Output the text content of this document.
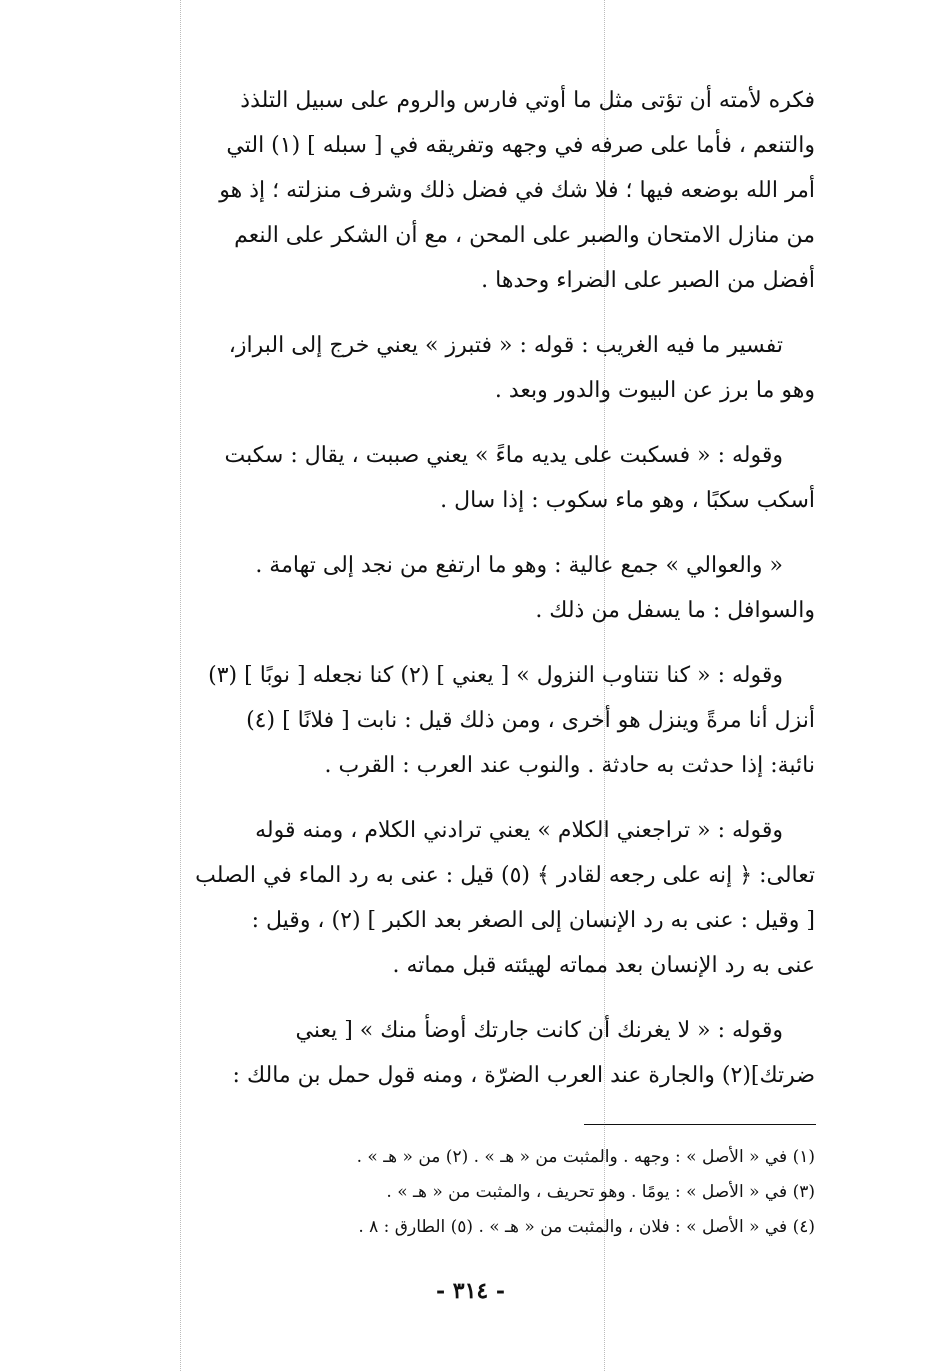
فكره لأمته أن تؤتى مثل ما أوتي فارس والروم على سبيل التلذذ
والتنعم ، فأما على صرفه في وجهه وتفريقه في [ سبله ] (١) التي
أمر الله بوضعه فيها ؛ فلا شك في فضل ذلك وشرف منزلته ؛ إذ هو
من منازل الامتحان والصبر على المحن ، مع أن الشكر على النعم
أفضل من الصبر على الضراء وحدها .

تفسير ما فيه الغريب : قوله : « فتبرز » يعني خرج إلى البراز،
وهو ما برز عن البيوت والدور وبعد .

وقوله : « فسكبت على يديه ماءً » يعني صببت ، يقال : سكبت
أسكب سكبًا ، وهو ماء سكوب : إذا سال .

« والعوالي » جمع عالية : وهو ما ارتفع من نجد إلى تهامة .
والسوافل : ما يسفل من ذلك .

وقوله : « كنا نتناوب النزول » [ يعني ] (٢) كنا نجعله [ نوبًا ] (٣)
أنزل أنا مرةً وينزل هو أخرى ، ومن ذلك قيل : نابت [ فلانًا ] (٤)
نائبة: إذا حدثت به حادثة . والنوب عند العرب : القرب .

وقوله : « تراجعني الكلام » يعني ترادني الكلام ، ومنه قوله
تعالى: ﴿ إنه على رجعه لقادر ﴾ (٥) قيل : عنى به رد الماء في الصلب
[ وقيل : عنى به رد الإنسان إلى الصغر بعد الكبر ] (٢) ، وقيل :
عنى به رد الإنسان بعد مماته لهيئته قبل مماته .

وقوله : « لا يغرنك أن كانت جارتك أوضأ منك » [ يعني
ضرتك](٢) والجارة عند العرب الضرّة ، ومنه قول حمل بن مالك :

(١) في « الأصل » : وجهه . والمثبت من « هـ » . (٢) من « هـ » .
(٣) في « الأصل » : يومًا . وهو تحريف ، والمثبت من « هـ » .
(٤) في « الأصل » : فلان ، والمثبت من « هـ » . (٥) الطارق : ٨ .
- ٣١٤ -
